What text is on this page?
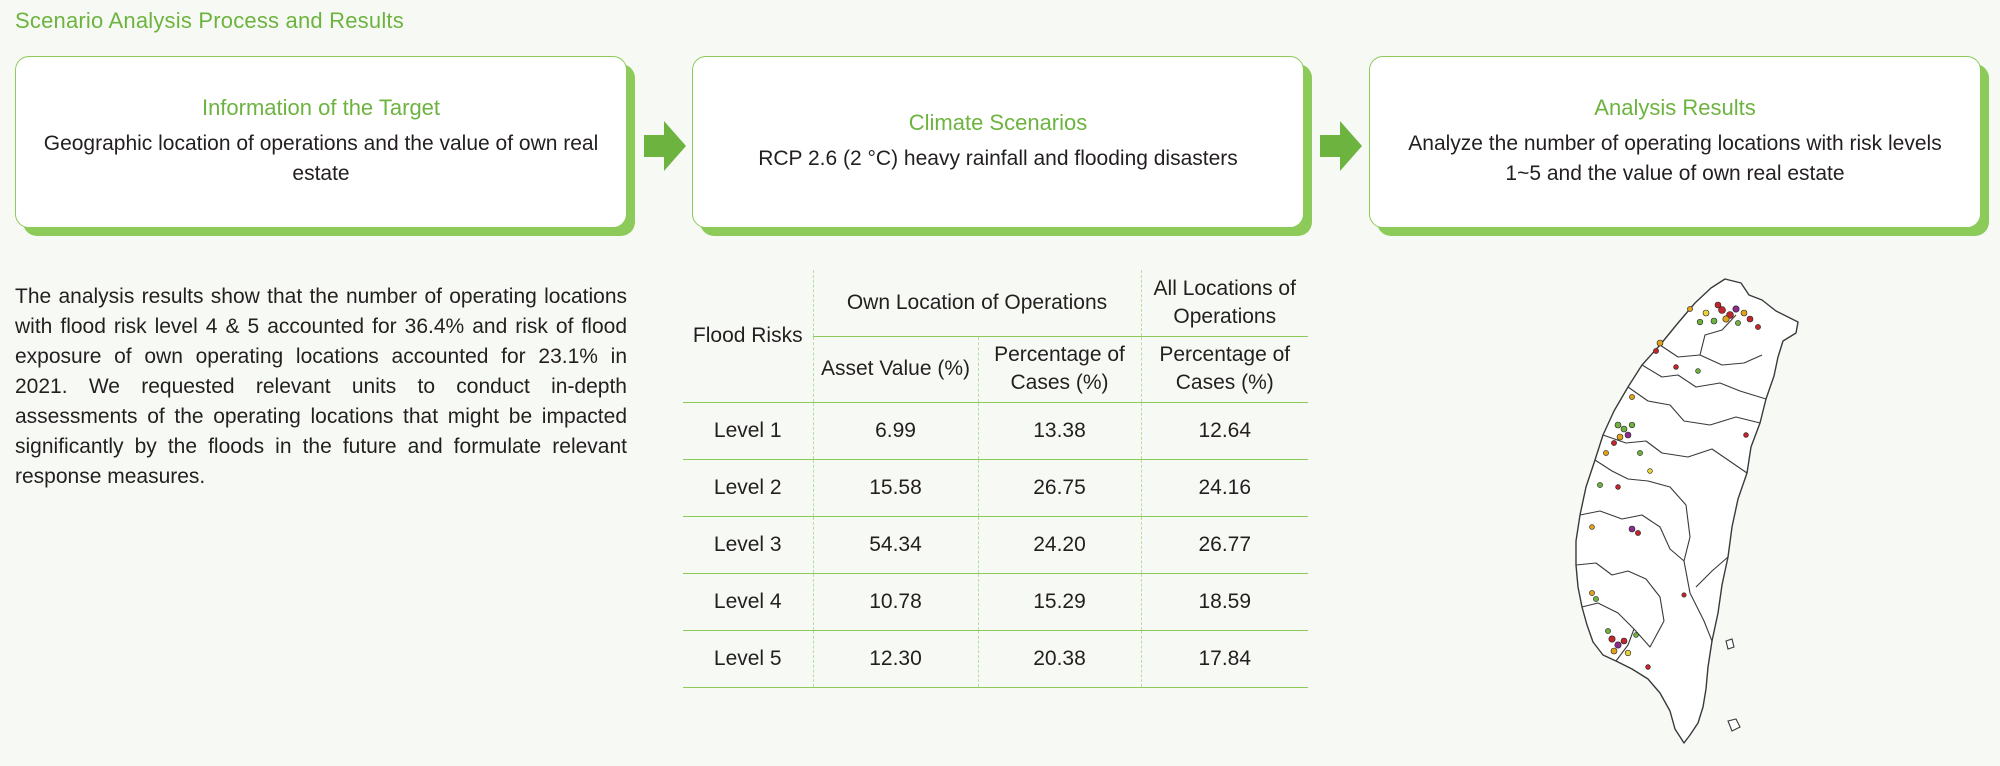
Scenario Analysis Process and Results
Information of the Target
Geographic location of operations and the value of own real estate
Climate Scenarios
RCP 2.6 (2 °C) heavy rainfall and flooding disasters
Analysis Results
Analyze the number of operating locations with risk levels 1~5 and the value of own real estate
The analysis results show that the number of operating locations with flood risk level 4 & 5 accounted for 36.4% and risk of flood exposure of own operating locations accounted for 23.1% in 2021. We requested relevant units to conduct in-depth assessments of the operating locations that might be impacted significantly by the floods in the future and formulate relevant response measures.
Flood Risks	Own Location of Operations		All Locations of Operations
	Asset Value (%)	Percentage of Cases (%)	Percentage of Cases (%)
Level 1	6.99	13.38	12.64
Level 2	15.58	26.75	24.16
Level 3	54.34	24.20	26.77
Level 4	10.78	15.29	18.59
Level 5	12.30	20.38	17.84
